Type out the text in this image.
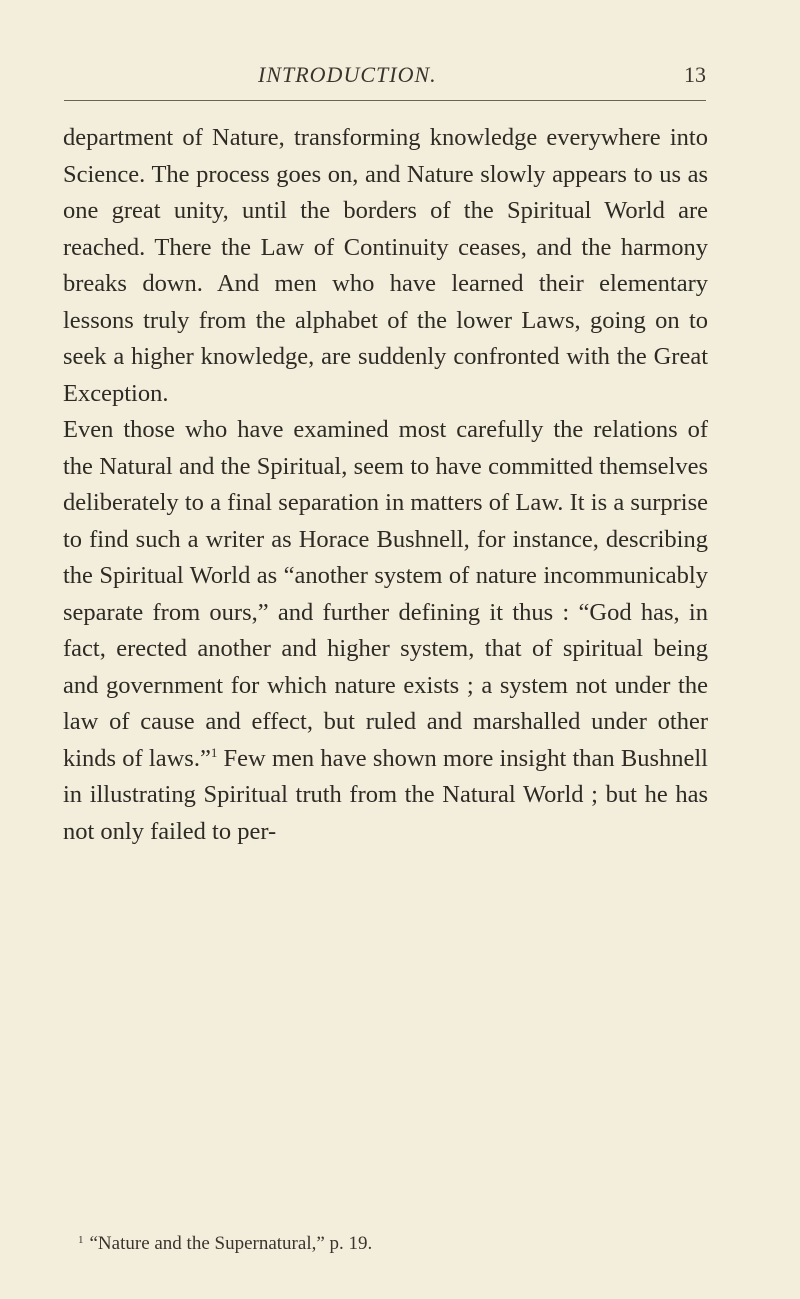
INTRODUCTION.	13

department of Nature, transforming knowledge everywhere into Science. The process goes on, and Nature slowly appears to us as one great unity, until the borders of the Spiritual World are reached. There the Law of Continuity ceases, and the harmony breaks down. And men who have learned their elementary lessons truly from the alphabet of the lower Laws, going on to seek a higher knowledge, are suddenly confronted with the Great Exception.

Even those who have examined most carefully the relations of the Natural and the Spiritual, seem to have committed themselves deliberately to a final separation in matters of Law. It is a surprise to find such a writer as Horace Bushnell, for instance, describing the Spiritual World as “another system of nature incommunicably separate from ours,” and further defining it thus : “God has, in fact, erected another and higher system, that of spiritual being and government for which nature exists ; a system not under the law of cause and effect, but ruled and marshalled under other kinds of laws.”$^1$ Few men have shown more insight than Bushnell in illustrating Spiritual truth from the Natural World ; but he has not only failed to per-

$^1$ “Nature and the Supernatural,” p. 19.
